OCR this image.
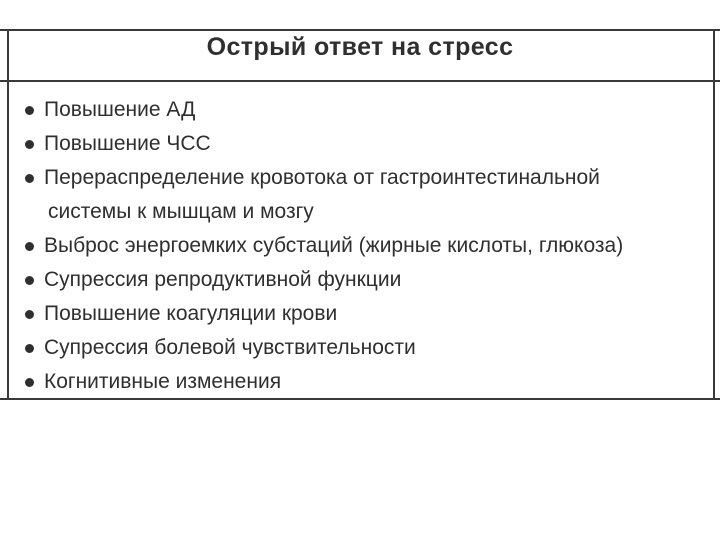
Острый ответ на стресс
Повышение АД
Повышение ЧСС
Перераспределение кровотока от гастроинтестинальной
системы к мышцам и мозгу
Выброс энергоемких субстаций (жирные кислоты, глюкоза)
Супрессия репродуктивной функции
Повышение коагуляции крови
Супрессия болевой чувствительности
Когнитивные изменения
